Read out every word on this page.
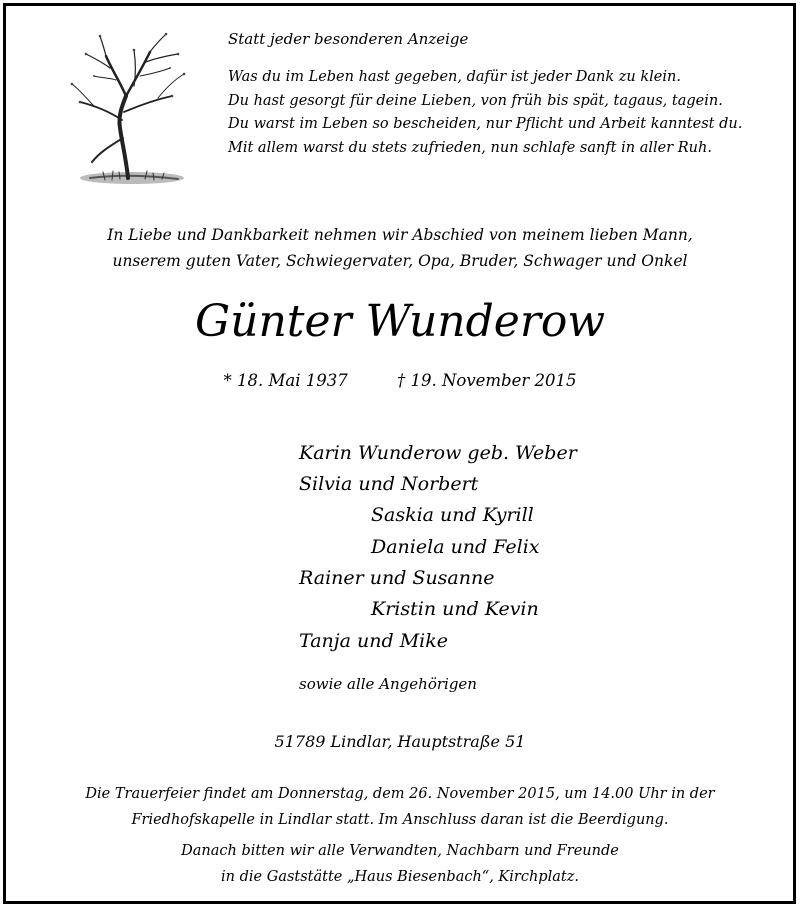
Statt jeder besonderen Anzeige
Was du im Leben hast gegeben, dafür ist jeder Dank zu klein.
Du hast gesorgt für deine Lieben, von früh bis spät, tagaus, tagein.
Du warst im Leben so bescheiden, nur Pflicht und Arbeit kanntest du.
Mit allem warst du stets zufrieden, nun schlafe sanft in aller Ruh.
In Liebe und Dankbarkeit nehmen wir Abschied von meinem lieben Mann,
unserem guten Vater, Schwiegervater, Opa, Bruder, Schwager und Onkel
Günter Wunderow
* 18. Mai 1937	† 19. November 2015
Karin Wunderow geb. Weber
Silvia und Norbert
Saskia und Kyrill
Daniela und Felix
Rainer und Susanne
Kristin und Kevin
Tanja und Mike
sowie alle Angehörigen
51789 Lindlar, Hauptstraße 51
Die Trauerfeier findet am Donnerstag, dem 26. November 2015, um 14.00 Uhr in der
Friedhofskapelle in Lindlar statt. Im Anschluss daran ist die Beerdigung.
Danach bitten wir alle Verwandten, Nachbarn und Freunde
in die Gaststätte „Haus Biesenbach“, Kirchplatz.
